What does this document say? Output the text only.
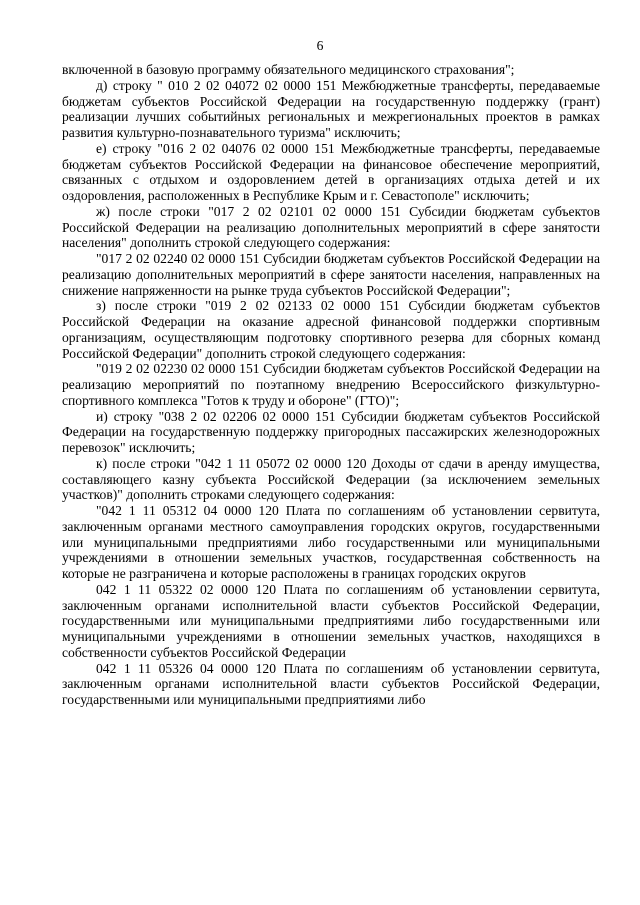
6

включенной в базовую программу обязательного медицинского страхования";

д) строку " 010 2 02 04072 02 0000 151 Межбюджетные трансферты, передаваемые бюджетам субъектов Российской Федерации на государственную поддержку (грант) реализации лучших событийных региональных и межрегиональных проектов в рамках развития культурно-познавательного туризма" исключить;

е) строку "016 2 02 04076 02 0000 151 Межбюджетные трансферты, передаваемые бюджетам субъектов Российской Федерации на финансовое обеспечение мероприятий, связанных с отдыхом и оздоровлением детей в организациях отдыха детей и их оздоровления, расположенных в Республике Крым и г. Севастополе" исключить;

ж) после строки "017 2 02 02101 02 0000 151 Субсидии бюджетам субъектов Российской Федерации на реализацию дополнительных мероприятий в сфере занятости населения" дополнить строкой следующего содержания:

"017 2 02 02240 02 0000 151 Субсидии бюджетам субъектов Российской Федерации на реализацию дополнительных мероприятий в сфере занятости населения, направленных на снижение напряженности на рынке труда субъектов Российской Федерации";

з) после строки "019 2 02 02133 02 0000 151 Субсидии бюджетам субъектов Российской Федерации на оказание адресной финансовой поддержки спортивным организациям, осуществляющим подготовку спортивного резерва для сборных команд Российской Федерации" дополнить строкой следующего содержания:

"019 2 02 02230 02 0000 151 Субсидии бюджетам субъектов Российской Федерации на реализацию мероприятий по поэтапному внедрению Всероссийского физкультурно-спортивного комплекса "Готов к труду и обороне" (ГТО)";

и) строку "038 2 02 02206 02 0000 151 Субсидии бюджетам субъектов Российской Федерации на государственную поддержку пригородных пассажирских железнодорожных перевозок" исключить;

к) после строки "042 1 11 05072 02 0000 120 Доходы от сдачи в аренду имущества, составляющего казну субъекта Российской Федерации (за исключением земельных участков)" дополнить строками следующего содержания:

"042 1 11 05312 04 0000 120 Плата по соглашениям об установлении сервитута, заключенным органами местного самоуправления городских округов, государственными или муниципальными предприятиями либо государственными или муниципальными учреждениями в отношении земельных участков, государственная собственность на которые не разграничена и которые расположены в границах городских округов

042 1 11 05322 02 0000 120 Плата по соглашениям об установлении сервитута, заключенным органами исполнительной власти субъектов Российской Федерации, государственными или муниципальными предприятиями либо государственными или муниципальными учреждениями в отношении земельных участков, находящихся в собственности субъектов Российской Федерации

042 1 11 05326 04 0000 120 Плата по соглашениям об установлении сервитута, заключенным органами исполнительной власти субъектов Российской Федерации, государственными или муниципальными предприятиями либо
